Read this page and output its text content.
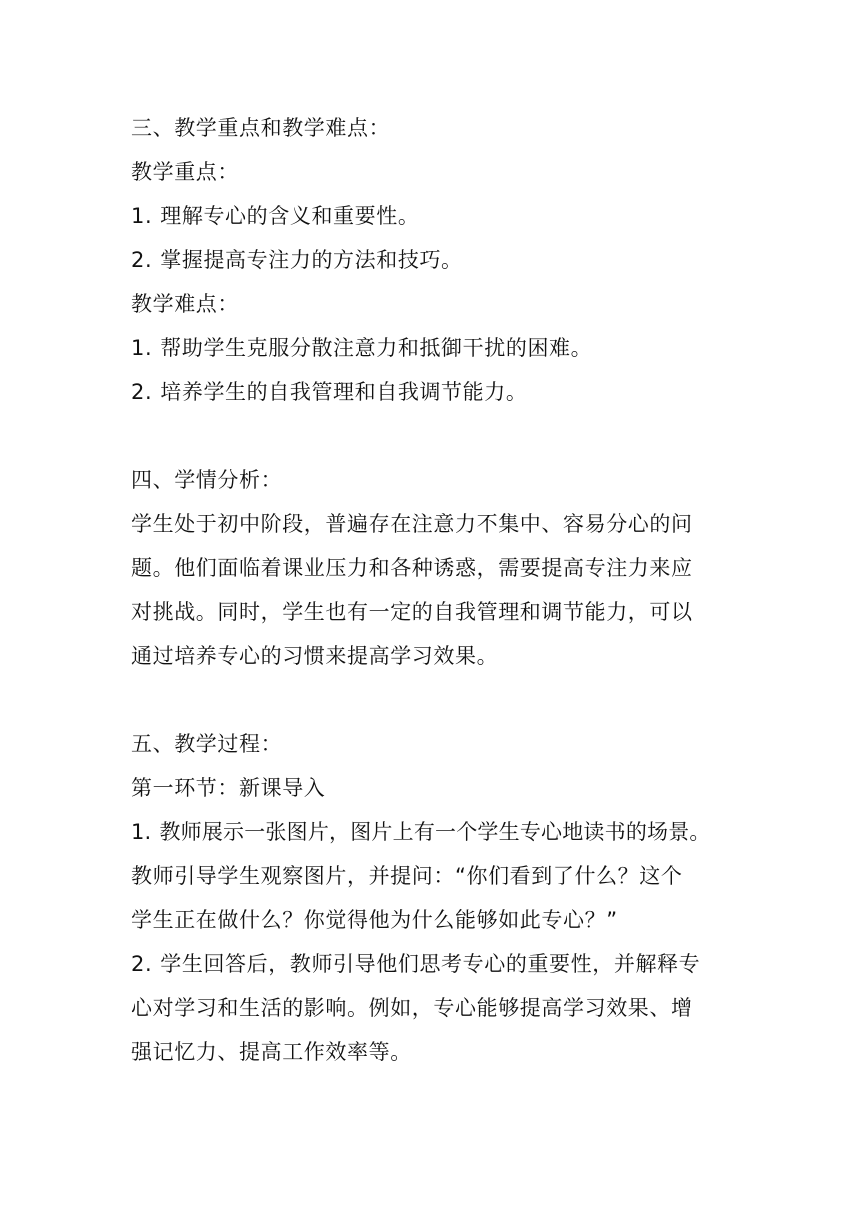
三、教学重点和教学难点：
教学重点：
1. 理解专心的含义和重要性。
2. 掌握提高专注力的方法和技巧。
教学难点：
1. 帮助学生克服分散注意力和抵御干扰的困难。
2. 培养学生的自我管理和自我调节能力。
四、学情分析：
学生处于初中阶段，普遍存在注意力不集中、容易分心的问
题。他们面临着课业压力和各种诱惑，需要提高专注力来应
对挑战。同时，学生也有一定的自我管理和调节能力，可以
通过培养专心的习惯来提高学习效果。
五、教学过程：
第一环节：新课导入
1. 教师展示一张图片，图片上有一个学生专心地读书的场景。
教师引导学生观察图片，并提问：“你们看到了什么？这个
学生正在做什么？你觉得他为什么能够如此专心？”
2. 学生回答后，教师引导他们思考专心的重要性，并解释专
心对学习和生活的影响。例如，专心能够提高学习效果、增
强记忆力、提高工作效率等。
